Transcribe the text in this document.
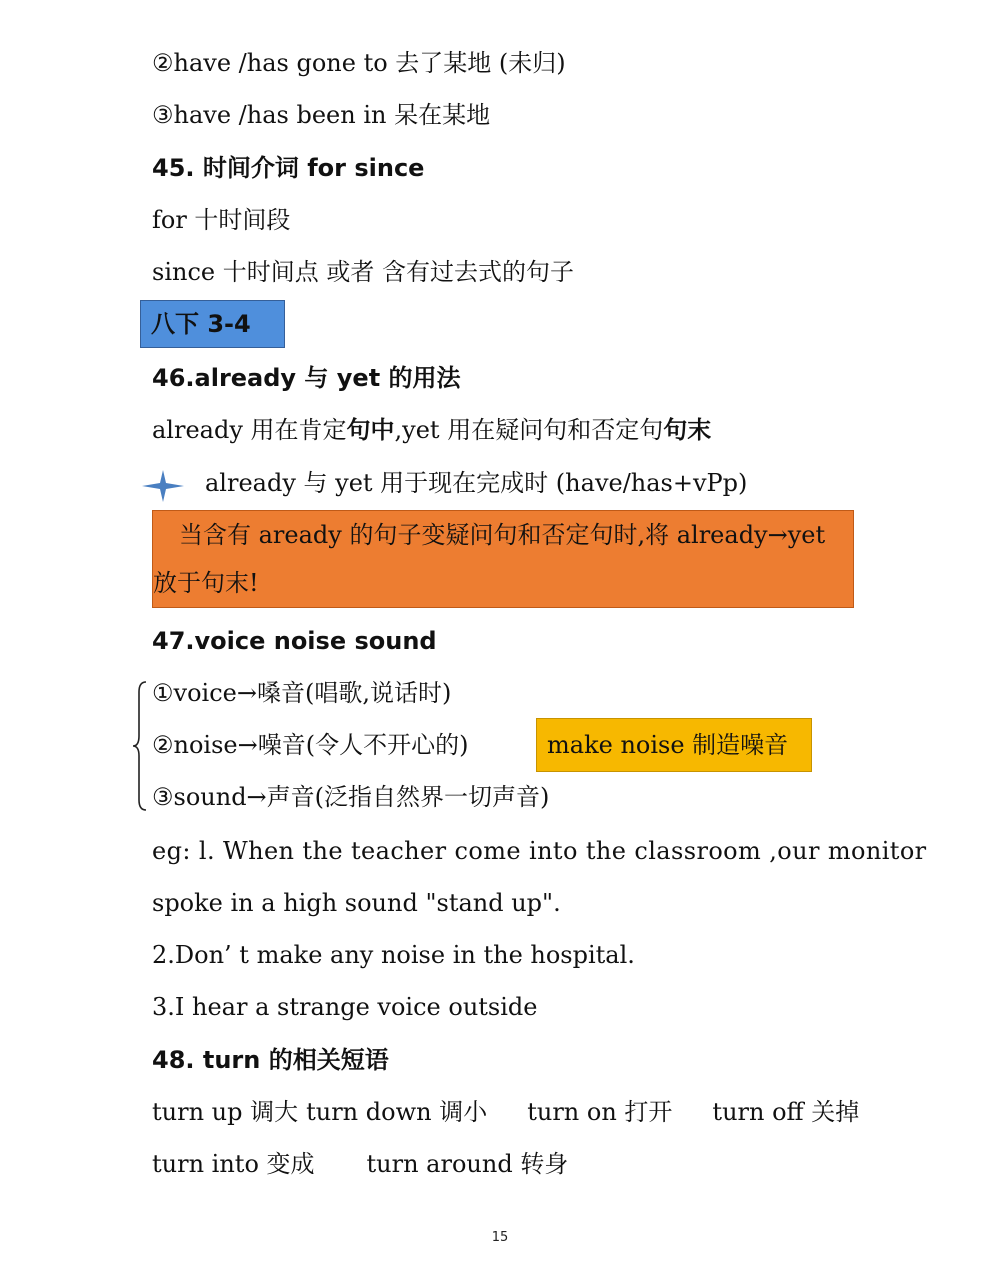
②have /has gone to 去了某地 (未归)
③have /has been in 呆在某地
45. 时间介词 for since
for 十时间段
since 十时间点 或者 含有过去式的句子
八下 3-4
46.already 与 yet 的用法
already 用在肯定句中,yet 用在疑问句和否定句句末
already 与 yet 用于现在完成时 (have/has+vPp)
当含有 aready 的句子变疑问句和否定句时,将 already→yet
放于句末!
47.voice noise sound
①voice→嗓音(唱歌,说话时)
②noise→噪音(令人不开心的)	make noise 制造噪音
③sound→声音(泛指自然界一切声音)
eg: l. When the teacher come into the classroom ,our monitor
spoke in a high sound "stand up".
2.Don’ t make any noise in the hospital.
3.I hear a strange voice outside
48. turn 的相关短语
turn up 调大 turn down 调小 turn on 打开 turn off 关掉
turn into 变成 turn around 转身
15
